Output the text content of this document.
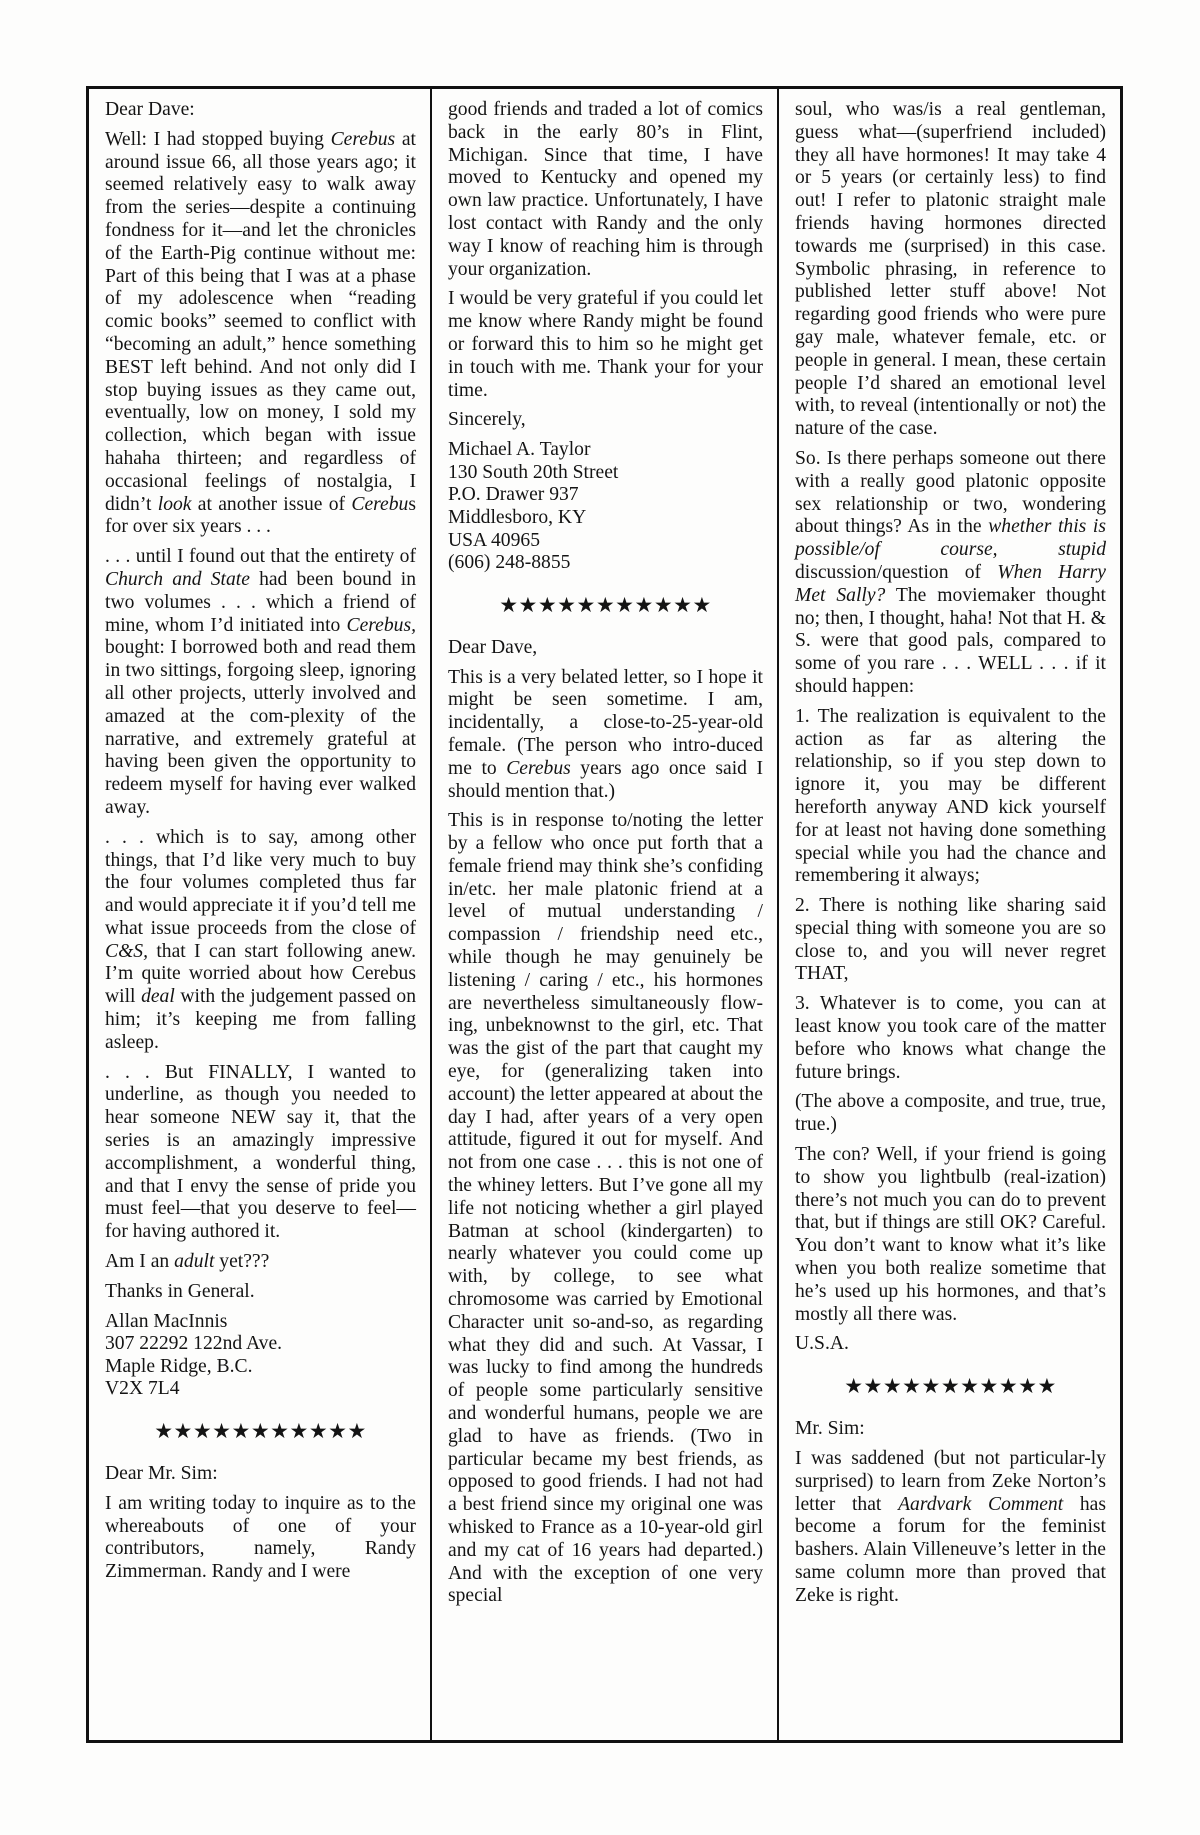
Dear Dave:
Well: I had stopped buying Cerebus at around issue 66, all those years ago; it seemed relatively easy to walk away from the series—despite a continuing fondness for it—and let the chronicles of the Earth-Pig continue without me: Part of this being that I was at a phase of my adolescence when “reading comic books” seemed to conflict with “becoming an adult,” hence something BEST left behind. And not only did I stop buying issues as they came out, eventually, low on money, I sold my collection, which began with issue hahaha thirteen; and regardless of occasional feelings of nostalgia, I didn’t look at another issue of Cerebus for over six years . . .
. . . until I found out that the entirety of Church and State had been bound in two volumes . . . which a friend of mine, whom I’d initiated into Cerebus, bought: I borrowed both and read them in two sittings, forgoing sleep, ignoring all other projects, utterly involved and amazed at the com-plexity of the narrative, and extremely grateful at having been given the opportunity to redeem myself for having ever walked away.
. . . which is to say, among other things, that I’d like very much to buy the four volumes completed thus far and would appreciate it if you’d tell me what issue proceeds from the close of C&S, that I can start following anew. I’m quite worried about how Cerebus will deal with the judgement passed on him; it’s keeping me from falling asleep.
. . . But FINALLY, I wanted to underline, as though you needed to hear someone NEW say it, that the series is an amazingly impressive accomplishment, a wonderful thing, and that I envy the sense of pride you must feel—that you deserve to feel—for having authored it.
Am I an adult yet???
Thanks in General.
Allan MacInnis
307 22292 122nd Ave.
Maple Ridge, B.C.
V2X 7L4
★★★★★★★★★★★
Dear Mr. Sim:
I am writing today to inquire as to the whereabouts of one of your contributors, namely, Randy Zimmerman. Randy and I were
good friends and traded a lot of comics back in the early 80’s in Flint, Michigan. Since that time, I have moved to Kentucky and opened my own law practice. Unfortunately, I have lost contact with Randy and the only way I know of reaching him is through your organization.
I would be very grateful if you could let me know where Randy might be found or forward this to him so he might get in touch with me. Thank your for your time.
Sincerely,
Michael A. Taylor
130 South 20th Street
P.O. Drawer 937
Middlesboro, KY
USA 40965
(606) 248-8855
★★★★★★★★★★★
Dear Dave,
This is a very belated letter, so I hope it might be seen sometime. I am, incidentally, a close-to-25-year-old female. (The person who intro-duced me to Cerebus years ago once said I should mention that.)
This is in response to/noting the letter by a fellow who once put forth that a female friend may think she’s confiding in/etc. her male platonic friend at a level of mutual understanding / compassion / friendship need etc., while though he may genuinely be listening / caring / etc., his hormones are nevertheless simultaneously flow-ing, unbeknownst to the girl, etc. That was the gist of the part that caught my eye, for (generalizing taken into account) the letter appeared at about the day I had, after years of a very open attitude, figured it out for myself. And not from one case . . . this is not one of the whiney letters. But I’ve gone all my life not noticing whether a girl played Batman at school (kindergarten) to nearly whatever you could come up with, by college, to see what chromosome was carried by Emotional Character unit so-and-so, as regarding what they did and such. At Vassar, I was lucky to find among the hundreds of people some particularly sensitive and wonderful humans, people we are glad to have as friends. (Two in particular became my best friends, as opposed to good friends. I had not had a best friend since my original one was whisked to France as a 10-year-old girl and my cat of 16 years had departed.) And with the exception of one very special
soul, who was/is a real gentleman, guess what—(superfriend included) they all have hormones! It may take 4 or 5 years (or certainly less) to find out! I refer to platonic straight male friends having hormones directed towards me (surprised) in this case. Symbolic phrasing, in reference to published letter stuff above! Not regarding good friends who were pure gay male, whatever female, etc. or people in general. I mean, these certain people I’d shared an emotional level with, to reveal (intentionally or not) the nature of the case.
So. Is there perhaps someone out there with a really good platonic opposite sex relationship or two, wondering about things? As in the whether this is possible/of course, stupid discussion/question of When Harry Met Sally? The moviemaker thought no; then, I thought, haha! Not that H. & S. were that good pals, compared to some of you rare . . . WELL . . . if it should happen:
1. The realization is equivalent to the action as far as altering the relationship, so if you step down to ignore it, you may be different hereforth anyway AND kick yourself for at least not having done something special while you had the chance and remembering it always;
2. There is nothing like sharing said special thing with someone you are so close to, and you will never regret THAT,
3. Whatever is to come, you can at least know you took care of the matter before who knows what change the future brings.
(The above a composite, and true, true, true.)
The con? Well, if your friend is going to show you lightbulb (real-ization) there’s not much you can do to prevent that, but if things are still OK? Careful. You don’t want to know what it’s like when you both realize sometime that he’s used up his hormones, and that’s mostly all there was.
U.S.A.
★★★★★★★★★★★
Mr. Sim:
I was saddened (but not particular-ly surprised) to learn from Zeke Norton’s letter that Aardvark Comment has become a forum for the feminist bashers. Alain Villeneuve’s letter in the same column more than proved that Zeke is right.
